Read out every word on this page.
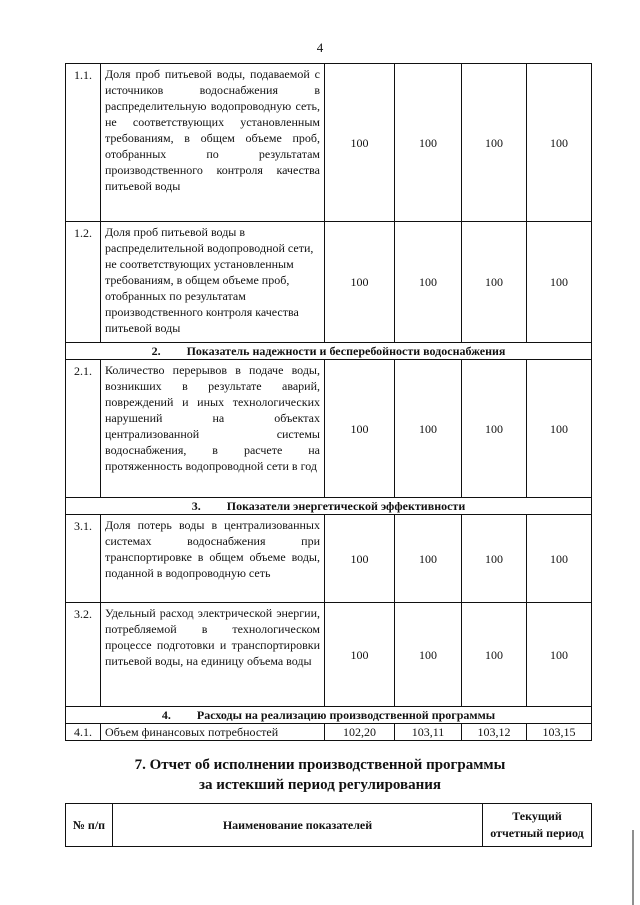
4
1.1.	Доля проб питьевой воды, подаваемой с источников водоснабжения в распределительную водопроводную сеть, не соответствующих установленным требованиям, в общем объеме проб, отобранных по результатам производственного контроля качества питьевой воды	100	100	100	100
1.2.	Доля проб питьевой воды в распределительной водопроводной сети, не соответствующих установленным требованиям, в общем объеме проб, отобранных по результатам производственного контроля качества питьевой воды	100	100	100	100
2. Показатель надежности и бесперебойности водоснабжения					
2.1.	Количество перерывов в подаче воды, возникших в результате аварий, повреждений и иных технологических нарушений на объектах централизованной системы водоснабжения, в расчете на протяженность водопроводной сети в год	100	100	100	100
3. Показатели энергетической эффективности					
3.1.	Доля потерь воды в централизованных системах водоснабжения при транспортировке в общем объеме воды, поданной в водопроводную сеть	100	100	100	100
3.2.	Удельный расход электрической энергии, потребляемой в технологическом процессе подготовки и транспортировки питьевой воды, на единицу объема воды	100	100	100	100
4. Расходы на реализацию производственной программы					
4.1.	Объем финансовых потребностей	102,20	103,11	103,12	103,15
7. Отчет об исполнении производственной программы
за истекший период регулирования
№ п/п	Наименование показателей	Текущий отчетный период
